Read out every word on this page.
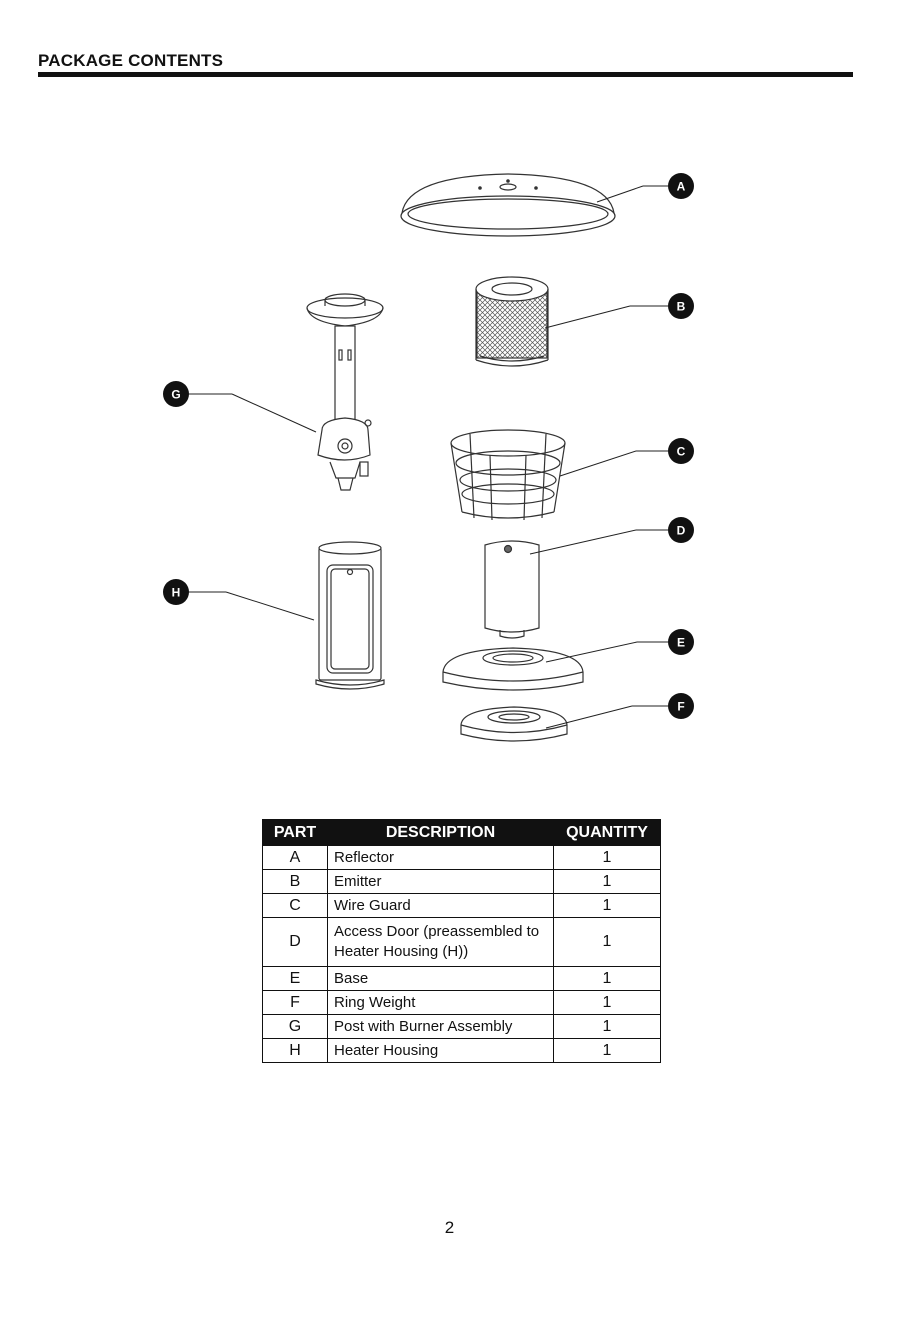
PACKAGE CONTENTS
A
B
C
D
E
F
G
H
PART	DESCRIPTION	QUANTITY
A	Reflector	1
B	Emitter	1
C	Wire Guard	1
D	Access Door (preassembled to Heater Housing (H))	1
E	Base	1
F	Ring Weight	1
G	Post with Burner Assembly	1
H	Heater Housing	1
2
